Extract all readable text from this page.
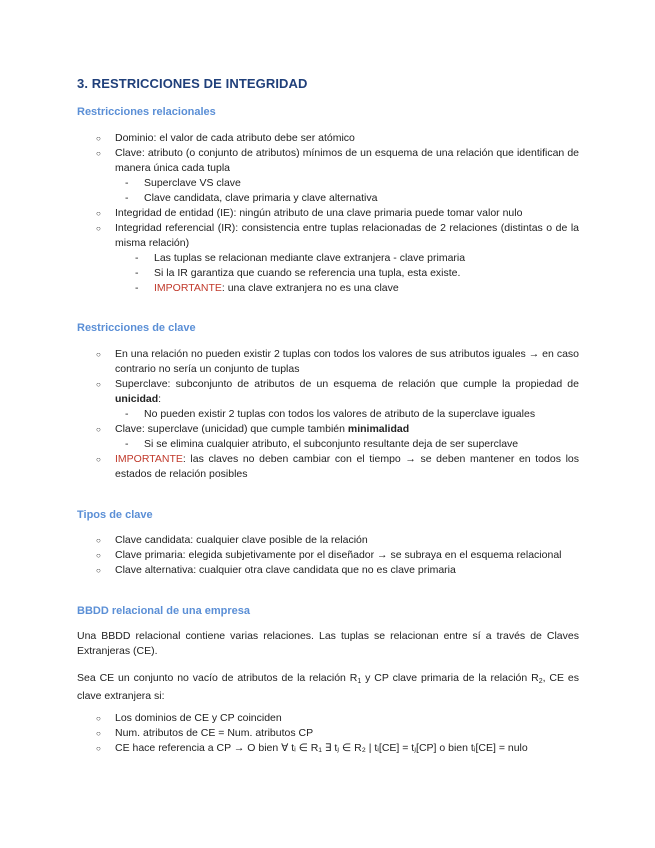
3. RESTRICCIONES DE INTEGRIDAD
Restricciones relacionales
○ Dominio: el valor de cada atributo debe ser atómico
○ Clave: atributo (o conjunto de atributos) mínimos de un esquema de una relación que identifican de manera única cada tupla
- Superclave VS clave
- Clave candidata, clave primaria y clave alternativa
○ Integridad de entidad (IE): ningún atributo de una clave primaria puede tomar valor nulo
○ Integridad referencial (IR): consistencia entre tuplas relacionadas de 2 relaciones (distintas o de la misma relación)
- Las tuplas se relacionan mediante clave extranjera - clave primaria
- Si la IR garantiza que cuando se referencia una tupla, esta existe.
- IMPORTANTE: una clave extranjera no es una clave
Restricciones de clave
○ En una relación no pueden existir 2 tuplas con todos los valores de sus atributos iguales → en caso contrario no sería un conjunto de tuplas
○ Superclave: subconjunto de atributos de un esquema de relación que cumple la propiedad de unicidad:
- No pueden existir 2 tuplas con todos los valores de atributo de la superclave iguales
○ Clave: superclave (unicidad) que cumple también minimalidad
- Si se elimina cualquier atributo, el subconjunto resultante deja de ser superclave
○ IMPORTANTE: las claves no deben cambiar con el tiempo → se deben mantener en todos los estados de relación posibles
Tipos de clave
○ Clave candidata: cualquier clave posible de la relación
○ Clave primaria: elegida subjetivamente por el diseñador → se subraya en el esquema relacional
○ Clave alternativa: cualquier otra clave candidata que no es clave primaria
BBDD relacional de una empresa
Una BBDD relacional contiene varias relaciones. Las tuplas se relacionan entre sí a través de Claves Extranjeras (CE).
Sea CE un conjunto no vacío de atributos de la relación $R_1$ y CP clave primaria de la relación $R_2$, CE es clave extranjera si:
○ Los dominios de CE y CP coinciden
○ Num. atributos de CE = Num. atributos CP
○ CE hace referencia a CP → O bien ∀ tᵢ ∈ R₁ ∃ tⱼ ∈ R₂ | tᵢ[CE] = tⱼ[CP] o bien tᵢ[CE] = nulo
